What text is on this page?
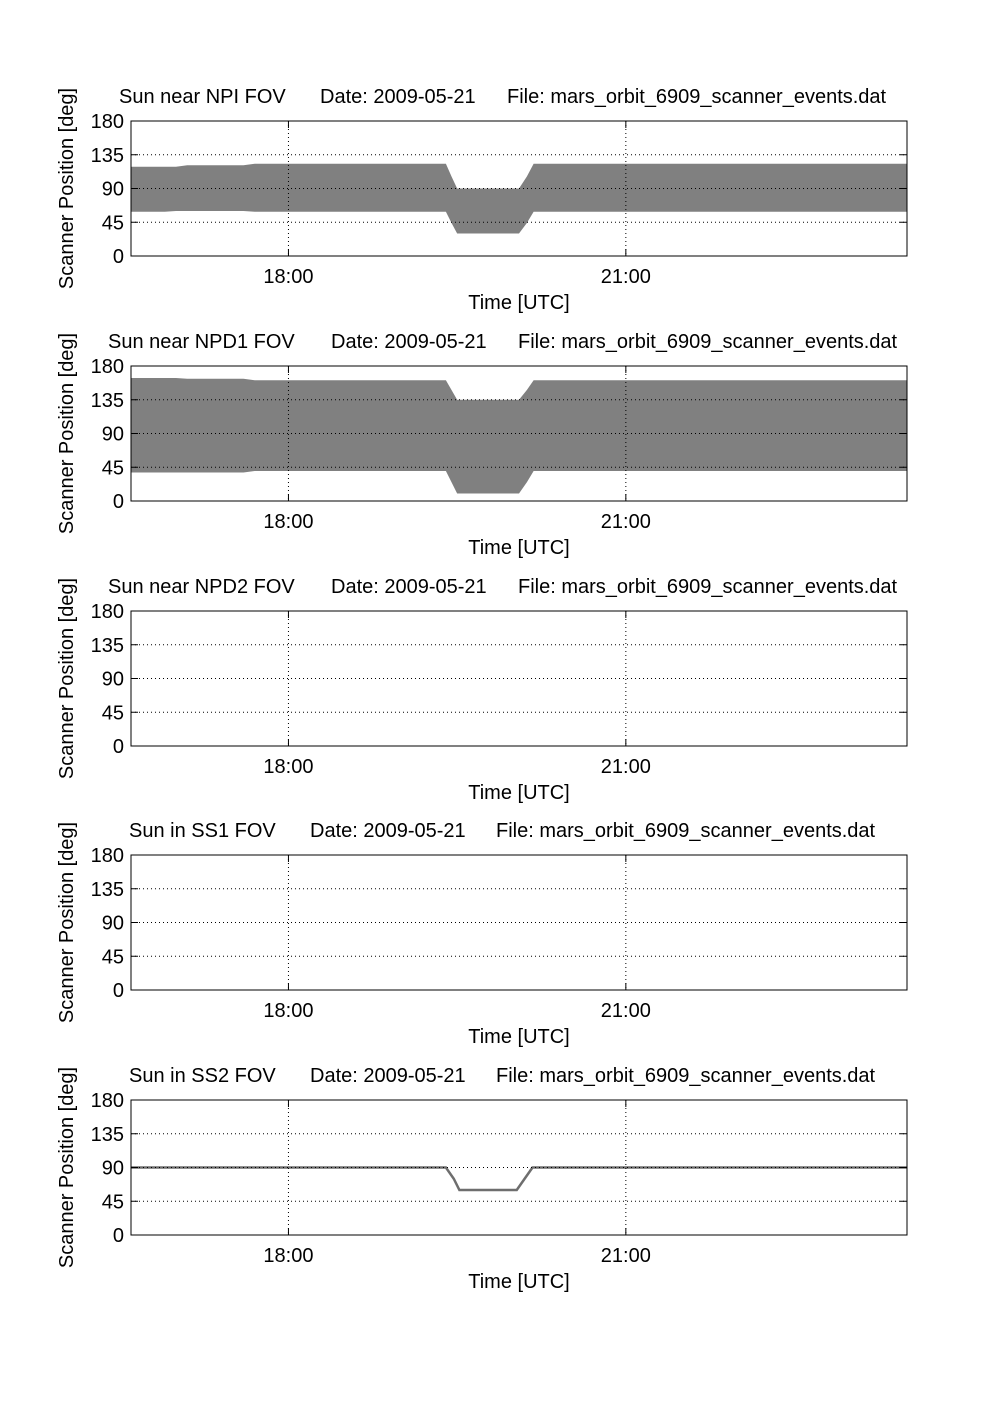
Sun near NPI FOV Date: 2009-05-21 File: mars_orbit_6909_scanner_events.dat
0
45
90
135
180
18:00	21:00
Time [UTC]
Scanner Position [deg]
Sun near NPD1 FOV Date: 2009-05-21 File: mars_orbit_6909_scanner_events.dat
0
45
90
135
180
18:00	21:00
Time [UTC]
Scanner Position [deg]
Sun near NPD2 FOV Date: 2009-05-21 File: mars_orbit_6909_scanner_events.dat
0
45
90
135
180
18:00	21:00
Time [UTC]
Scanner Position [deg]
Sun in SS1 FOV Date: 2009-05-21 File: mars_orbit_6909_scanner_events.dat
0
45
90
135
180
18:00	21:00
Time [UTC]
Scanner Position [deg]
Sun in SS2 FOV Date: 2009-05-21 File: mars_orbit_6909_scanner_events.dat
0
45
90
135
180
18:00	21:00
Time [UTC]
Scanner Position [deg]
